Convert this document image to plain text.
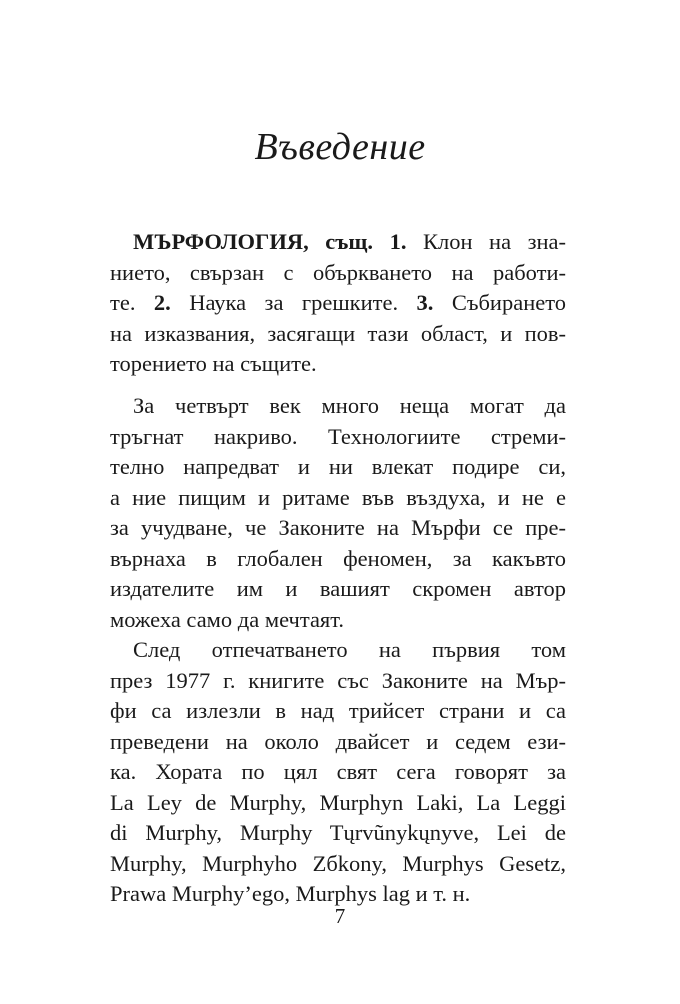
Въведение
МЪРФОЛОГИЯ, същ. 1. Клон на зна-
нието, свързан с объркването на работи-
те. 2. Наука за грешките. 3. Събирането
на изказвания, засягащи тази област, и пов-
торението на същите.
За четвърт век много неща могат да
тръгнат накриво. Технологиите стреми-
телно напредват и ни влекат подире си,
а ние пищим и ритаме във въздуха, и не е
за учудване, че Законите на Мърфи се пре-
върнаха в глобален феномен, за какъвто
издателите им и вашият скромен автор
можеха само да мечтаят.
След отпечатването на първия том
през 1977 г. книгите със Законите на Мър-
фи са излезли в над трийсет страни и са
преведени на около двайсет и седем ези-
ка. Хората по цял свят сега говорят за
La Ley de Murphy, Murphyn Laki, La Leggi
di Murphy, Murphy Tųrvũnykųnyve, Lei de
Murphy, Murphyho Zбkony, Murphys Gesetz,
Prawa Murphy’ego, Murphys lag и т. н.
7
